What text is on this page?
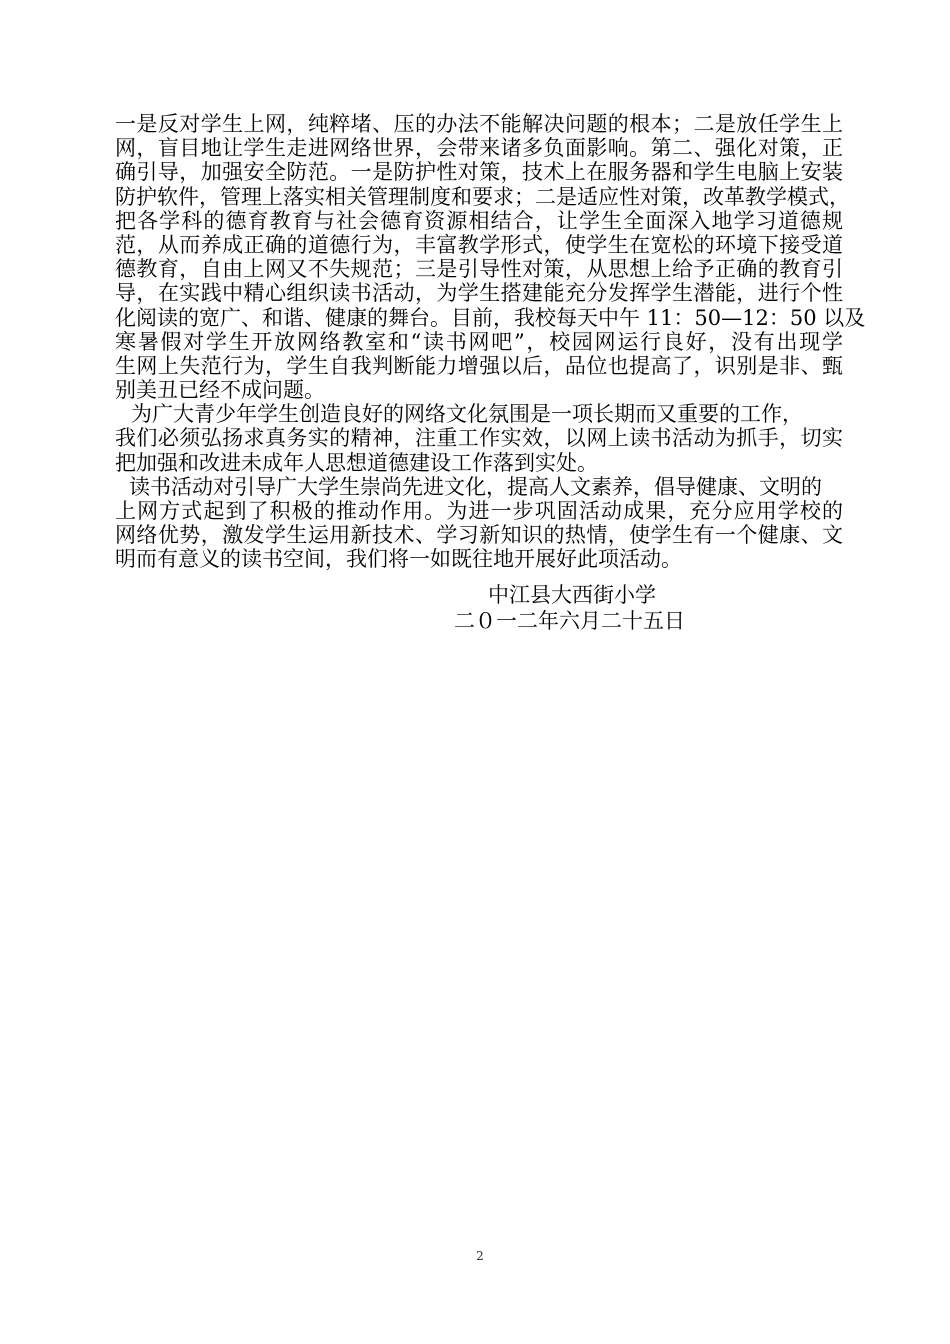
一是反对学生上网，纯粹堵、压的办法不能解决问题的根本；二是放任学生上
网，盲目地让学生走进网络世界，会带来诸多负面影响。第二、强化对策，正
确引导，加强安全防范。一是防护性对策，技术上在服务器和学生电脑上安装
防护软件，管理上落实相关管理制度和要求；二是适应性对策，改革教学模式，
把各学科的德育教育与社会德育资源相结合，让学生全面深入地学习道德规
范，从而养成正确的道德行为，丰富教学形式，使学生在宽松的环境下接受道
德教育，自由上网又不失规范；三是引导性对策，从思想上给予正确的教育引
导，在实践中精心组织读书活动，为学生搭建能充分发挥学生潜能，进行个性
化阅读的宽广、和谐、健康的舞台。目前，我校每天中午 11：50—12：50 以及
寒暑假对学生开放网络教室和“读书网吧”，校园网运行良好，没有出现学
生网上失范行为，学生自我判断能力增强以后，品位也提高了，识别是非、甄
别美丑已经不成问题。
为广大青少年学生创造良好的网络文化氛围是一项长期而又重要的工作，
我们必须弘扬求真务实的精神，注重工作实效，以网上读书活动为抓手，切实
把加强和改进未成年人思想道德建设工作落到实处。
读书活动对引导广大学生崇尚先进文化，提高人文素养，倡导健康、文明的
上网方式起到了积极的推动作用。为进一步巩固活动成果，充分应用学校的
网络优势，激发学生运用新技术、学习新知识的热情，使学生有一个健康、文
明而有意义的读书空间，我们将一如既往地开展好此项活动。
中江县大西街小学
二０一二年六月二十五日
2
